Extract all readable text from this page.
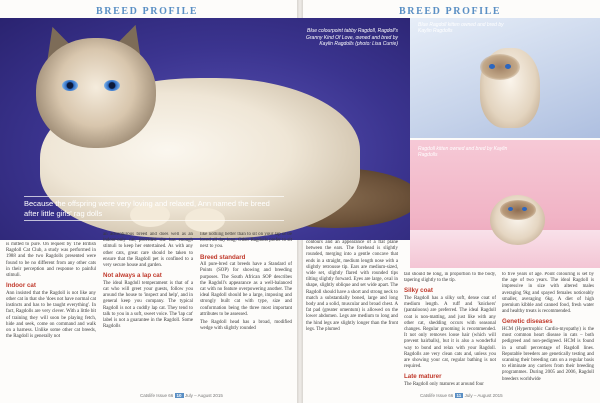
BREED PROFILE	BREED PROFILE
Blue colourpoint tabby Ragdoll, Ragdoll's Granny Kind Of Love, owned and bred by Kaylin Ragdolls (photo: Lisa Currie)
Because the offspring were very loving and relaxed, Ann named the breed after little girls' rag dolls
Blue Ragdoll kitten owned and bred by Kaylin Ragdolls
Ragdoll kitten owned and bred by Kaylin Ragdolls

is mitted to pure. On request by The British Ragdoll Cat Club, a study was performed in 1988 and the two Ragdolls presented were found to be no different from any other cats in their perception and response to painful stimuli.

Indoor cat

Ann insisted that the Ragdoll is not like any other cat in that she 'does not have normal cat instincts and has to be taught everything'. In fact, Ragdolls are very clever. With a little bit of training they will soon be playing fetch, hide and seek, come on command and walk on a harness. Unlike some other cat breeds, the Ragdoll is generally not

an adventurous breed and does well as an indoor-only cat, provided she has enough stimuli to keep her entertained. As with any other cats, great care should be taken to ensure that the Ragdoll pet is confined to a very secure house and garden.

Not always a lap cat

The ideal Ragdoll temperament is that of a cat who will greet your guests, follow you around the house to 'inspect and help', and in general keep you company. The typical Ragdoll is not a cuddly lap cat. They tend to talk to you in a soft, sweet voice. The 'lap cat' label is not a guarantee in the Ragdoll. Some Ragdolls

like nothing better than to sit on your lap or be loved all day long. Other Ragdolls prefer to sit next to you.

Breed standard

All pure-bred cat breeds have a Standard of Points (SOP) for showing and breeding purposes. The South African SOP describes the Ragdoll's appearance as a well-balanced cat with no feature overpowering another. The ideal Ragdoll should be a large, imposing and strongly built cat with type, size and conformation being the three most important attributes to be assessed.

The Ragdoll head has a broad, modified wedge with slightly rounded

contours and an appearance of a flat plane between the ears. The forehead is slightly rounded, merging into a gentle concave that ends in a straight, medium length nose with a slightly retrousse tip. Ears are medium-sized, wide set, slightly flared with rounded tips tilting slightly forward. Eyes are large, oval in shape, slightly oblique and set wide apart. The Ragdoll should have a short and strong neck to match a substantially boned, large and long body and a solid, muscular and broad chest. A fat pad (greater omentum) is allowed on the lower abdomen. Legs are medium to long and the hind legs are slightly longer than the front legs. The plumed

tail should be long, in proportion to the body, tapering slightly to the tip.

Silky coat

The Ragdoll has a silky soft, dense coat of medium length. A ruff and 'knickers' (pantaloons) are preferred. The ideal Ragdoll coat is non-matting, and just like with any other cat, shedding occurs with seasonal changes. Regular grooming is recommended. It not only removes loose hair (which will prevent hairballs), but it is also a wonderful way to bond and relax with your Ragdoll. Ragdolls are very clean cats and, unless you are showing your cat, regular bathing is not required.

Late maturer

The Ragdoll only matures at around four

to five years of age. Point colouring is set by the age of two years. The ideal Ragdoll is impressive in size with altered males averaging 9kg and spayed females noticeably smaller, averaging 6kg. A diet of high premium kibble and canned food, fresh water and healthy treats is recommended.

Genetic diseases

HCM (Hypertrophic Cardio-myopathy) is the most common heart disease in cats – both pedigreed and non-pedigreed. HCM is found in a small percentage of Ragdoll lines. Reputable breeders are genetically testing and scanning their breeding cats on a regular basis to eliminate any carriers from their breeding programmes. During 2005 and 2006, Ragdoll breeders worldwide

Catslife Issue 66 10 July – August 2015	Catslife Issue 66 11 July – August 2015
